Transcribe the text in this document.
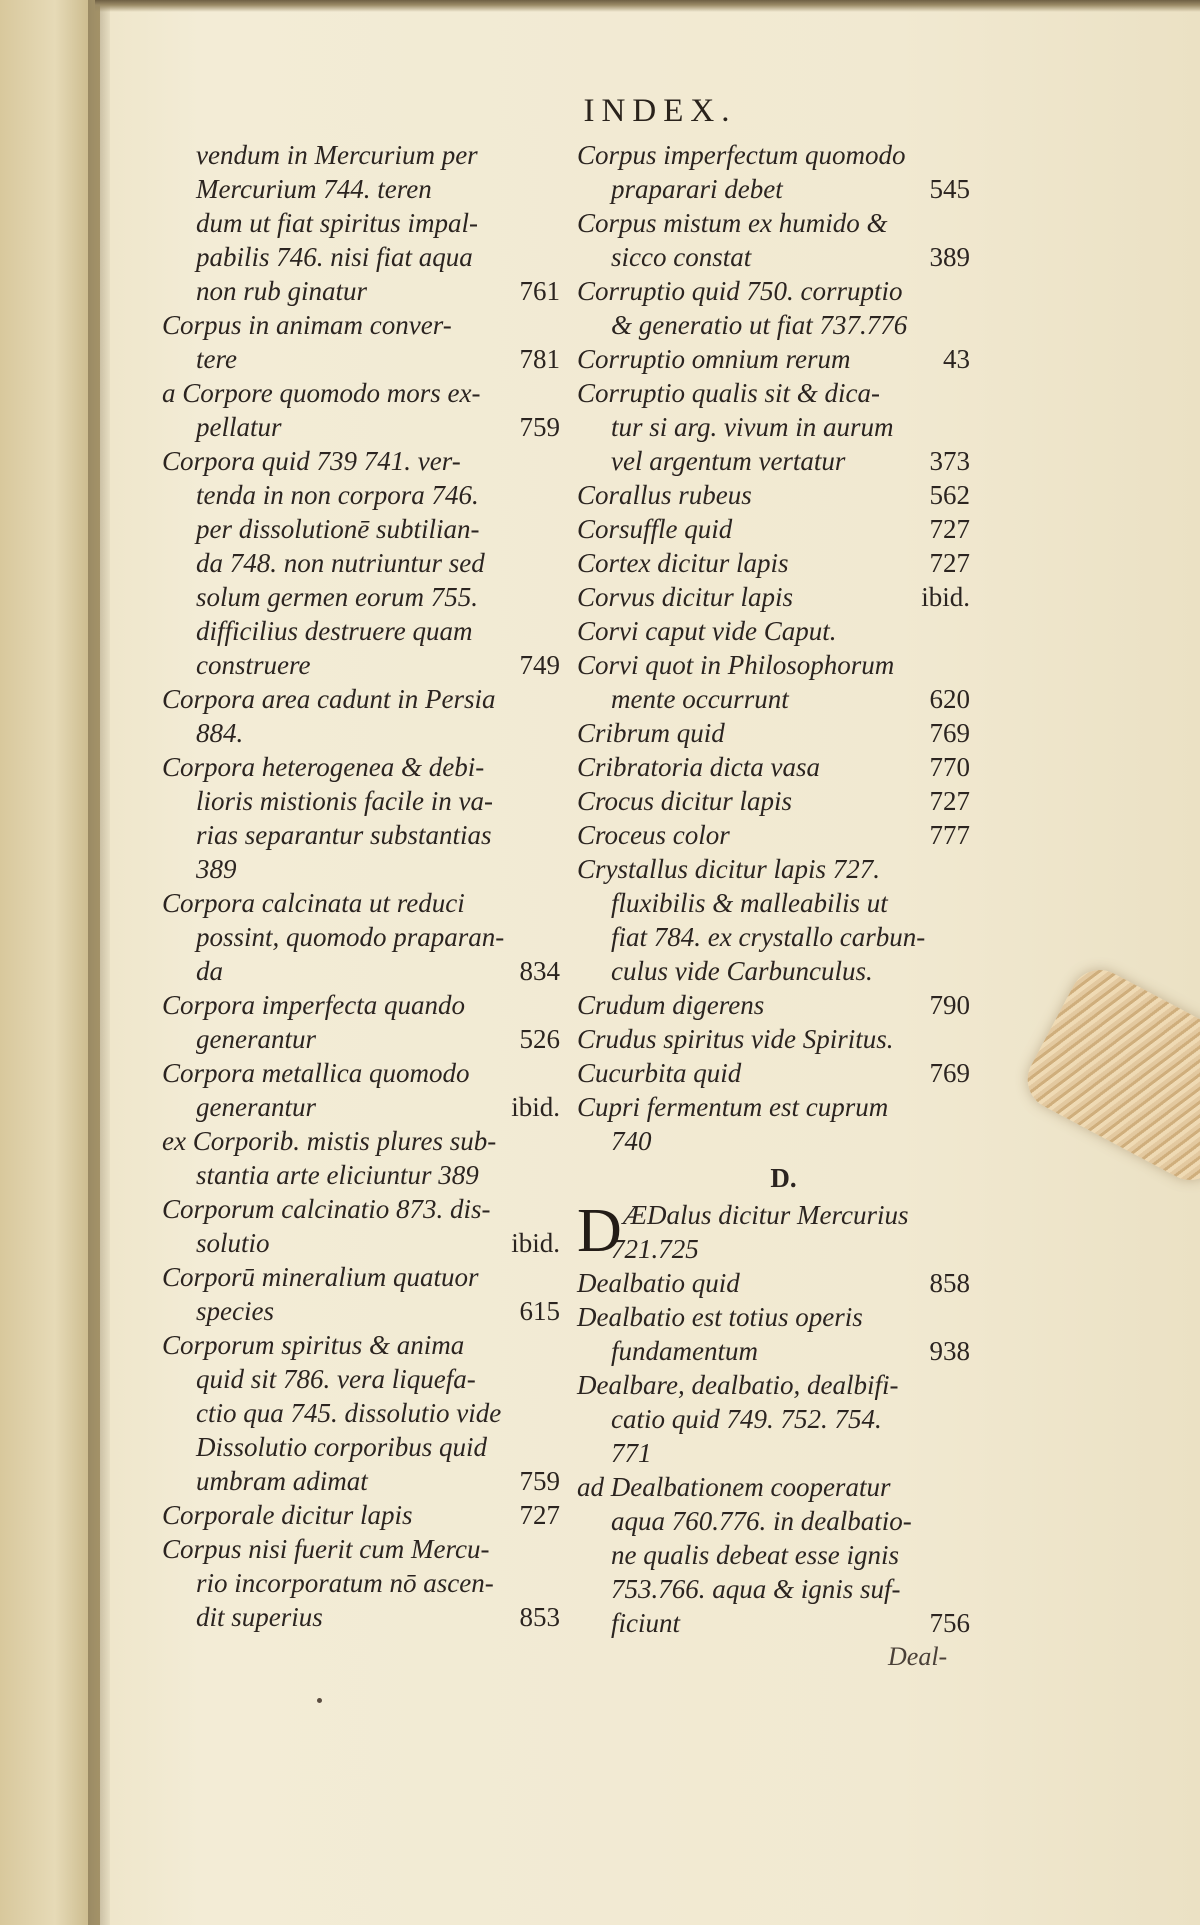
INDEX.
vendum in Mercurium per
Mercurium 744. teren
dum ut fiat spiritus impal-
pabilis 746. nisi fiat aqua
non rub ginatur	761
Corpus in animam conver-
tere	781
a Corpore quomodo mors ex-
pellatur	759
Corpora quid 739 741. ver-
tenda in non corpora 746.
per dissolutionē subtilian-
da 748. non nutriuntur sed
solum germen eorum 755.
difficilius destruere quam
construere	749
Corpora area cadunt in Persia
884.
Corpora heterogenea & debi-
lioris mistionis facile in va-
rias separantur substantias
389
Corpora calcinata ut reduci
possint, quomodo praparan-
da	834
Corpora imperfecta quando
generantur	526
Corpora metallica quomodo
generantur	ibid.
ex Corporib. mistis plures sub-
stantia arte eliciuntur 389
Corporum calcinatio 873. dis-
solutio	ibid.
Corporū mineralium quatuor
species	615
Corporum spiritus & anima
quid sit 786. vera liquefa-
ctio qua 745. dissolutio vide
Dissolutio corporibus quid
umbram adimat	759
Corporale dicitur lapis	727
Corpus nisi fuerit cum Mercu-
rio incorporatum nō ascen-
dit superius	853
Corpus imperfectum quomodo
praparari debet	545
Corpus mistum ex humido &
sicco constat	389
Corruptio quid 750. corruptio
& generatio ut fiat 737.776
Corruptio omnium rerum	43
Corruptio qualis sit & dica-
tur si arg. vivum in aurum
vel argentum vertatur	373
Corallus rubeus	562
Corsuffle quid	727
Cortex dicitur lapis	727
Corvus dicitur lapis	ibid.
Corvi caput vide Caput.
Corvi quot in Philosophorum
mente occurrunt	620
Cribrum quid	769
Cribratoria dicta vasa	770
Crocus dicitur lapis	727
Croceus color	777
Crystallus dicitur lapis 727.
fluxibilis & malleabilis ut
fiat 784. ex crystallo carbun-
culus vide Carbunculus.
Crudum digerens	790
Crudus spiritus vide Spiritus.
Cucurbita quid	769
Cupri fermentum est cuprum
740
D.
D ÆDalus dicitur Mercurius
721.725
Dealbatio quid	858
Dealbatio est totius operis
fundamentum	938
Dealbare, dealbatio, dealbifi-
catio quid 749. 752. 754.
771
ad Dealbationem cooperatur
aqua 760.776. in dealbatio-
ne qualis debeat esse ignis
753.766. aqua & ignis suf-
ficiunt	756
Deal-
